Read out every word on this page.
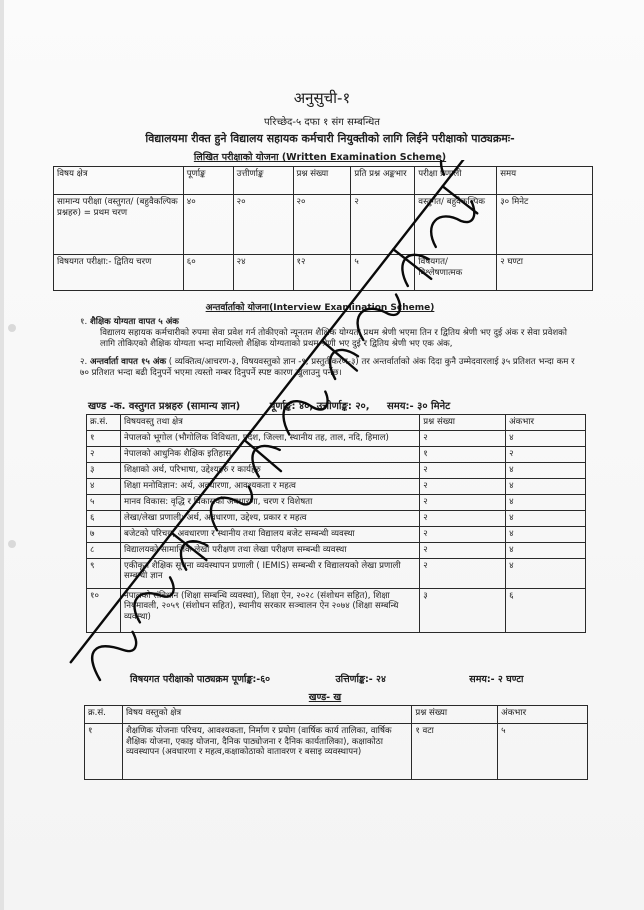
अनुसुची-१
परिच्छेद-५ दफा १ संग सम्बन्धित
विद्यालयमा रीक्त हुने विद्यालय सहायक कर्मचारी नियुक्तीको लागि लिईने परीक्षाको पाठ्यक्रमः-
लिखित परीक्षाको योजना (Written Examination Scheme)
विषय क्षेत्र	पूर्णाङ्क	उत्तीर्णाङ्क	प्रश्न संख्या	प्रति प्रश्न अङ्कभार	परीक्षा प्रणाली	समय
सामान्य परीक्षा (वस्तुगत/ (बहुवैकल्पिक प्रश्नहरु) = प्रथम चरण	४०	२०	२०	२	वस्तुगत/ बहुवैकल्पिक	३० मिनेट
विषयगत परीक्षा:- द्वितिय चरण	६०	२४	१२	५	विषयगत/ विश्लेषणात्मक	२ घण्टा
अन्तर्वार्ताको योजना(Interview Examination Scheme)
१. शैक्षिक योग्यता वापत ५ अंक
विद्यालय सहायक कर्मचारीको रुपमा सेवा प्रवेश गर्न तोकीएको न्यूनतम शैक्षिक योग्यता प्रथम श्रेणी भएमा तिन र द्वितिय श्रेणी भए दुई अंक र सेवा प्रवेशको लागि तोकिएको शैक्षिक योग्यता भन्दा माथिल्लो शैक्षिक योग्यताको प्रथम श्रेणी भए दुई र द्वितिय श्रेणी भए एक अंक,
२. अन्तर्वार्ता वापत १५ अंक ( व्यक्तित्व/आचरण-३, विषयवस्तुको ज्ञान -९, प्रस्तुतीकरण-३) तर अन्तर्वार्ताको अंक दिदा कुनै उम्मेदवारलाई ३५ प्रतिशत भन्दा कम र ७० प्रतिशत भन्दा बढी दिनुपर्ने भएमा त्यस्तो नम्बर दिनुपर्ने स्पष्ट कारण खुलाउनु पर्नेछ।
खण्ड -क. वस्तुगत प्रश्नहरु (सामान्य ज्ञान)	पूर्णाङ्क: ४०, उत्तीर्णाङ्क: २०, समय:- ३० मिनेट
क्र.सं.	विषयवस्तु तथा क्षेत्र	प्रश्न संख्या	अंकभार
१	नेपालको भूगोल (भौगोलिक विविधता, प्रदेश, जिल्ला, स्थानीय तह, ताल, नदि, हिमाल)	२	४
२	नेपालको आधुनिक शैक्षिक इतिहास	१	२
३	शिक्षाको अर्थ, परिभाषा, उद्देश्यहरु र कार्यहरु	२	४
४	शिक्षा मनोविज्ञान: अर्थ, अवधारणा, आवश्यकता र महत्व	२	४
५	मानव विकास: वृद्धि र विकासको अवधारणा, चरण र विशेषता	२	४
६	लेखा/लेखा प्रणाली: अर्थ, अवधारणा, उद्देश्य, प्रकार र महत्व	२	४
७	बजेटको परिचय, अवधारणा र स्थानीय तथा विद्यालय बजेट सम्बन्धी व्यवस्था	२	४
८	विद्यालयको सामाजिक लेखा परीक्षण तथा लेखा परीक्षण सम्बन्धी व्यवस्था	२	४
९	एकीकृत शैक्षिक सूचना व्यवस्थापन प्रणाली ( IEMIS) सम्बन्धी र विद्यालयको लेखा प्रणाली सम्बन्धी ज्ञान	२	४
१०	नेपालको संविधान (शिक्षा सम्बन्धि व्यवस्था), शिक्षा ऐन, २०२८ (संशोधन सहित), शिक्षा नियमावली, २०५९ (संशोधन सहित), स्थानीय सरकार सञ्चालन ऐन २०७४ (शिक्षा सम्बन्धि व्यवस्था)	३	६
विषयगत परीक्षाको पाठ्यक्रम पूर्णाङ्क:-६०	उत्तिर्णाङ्क:- २४	समय:- २ घण्टा
खण्ड- ख
क्र.सं.	विषय वस्तुको क्षेत्र	प्रश्न संख्या	अंकभार
१	शैक्षणिक योजनाः परिचय, आवश्यकता, निर्माण र प्रयोग (वार्षिक कार्य तालिका, वार्षिक शैक्षिक योजना, एकाइ योजना, दैनिक पाठ्योजना र दैनिक कार्यतालिका), कक्षाकोठा व्यवस्थापन (अवधारणा र महत्व,कक्षाकोठाको वातावरण र बसाइ व्यवस्थापन)	१ वटा	५
